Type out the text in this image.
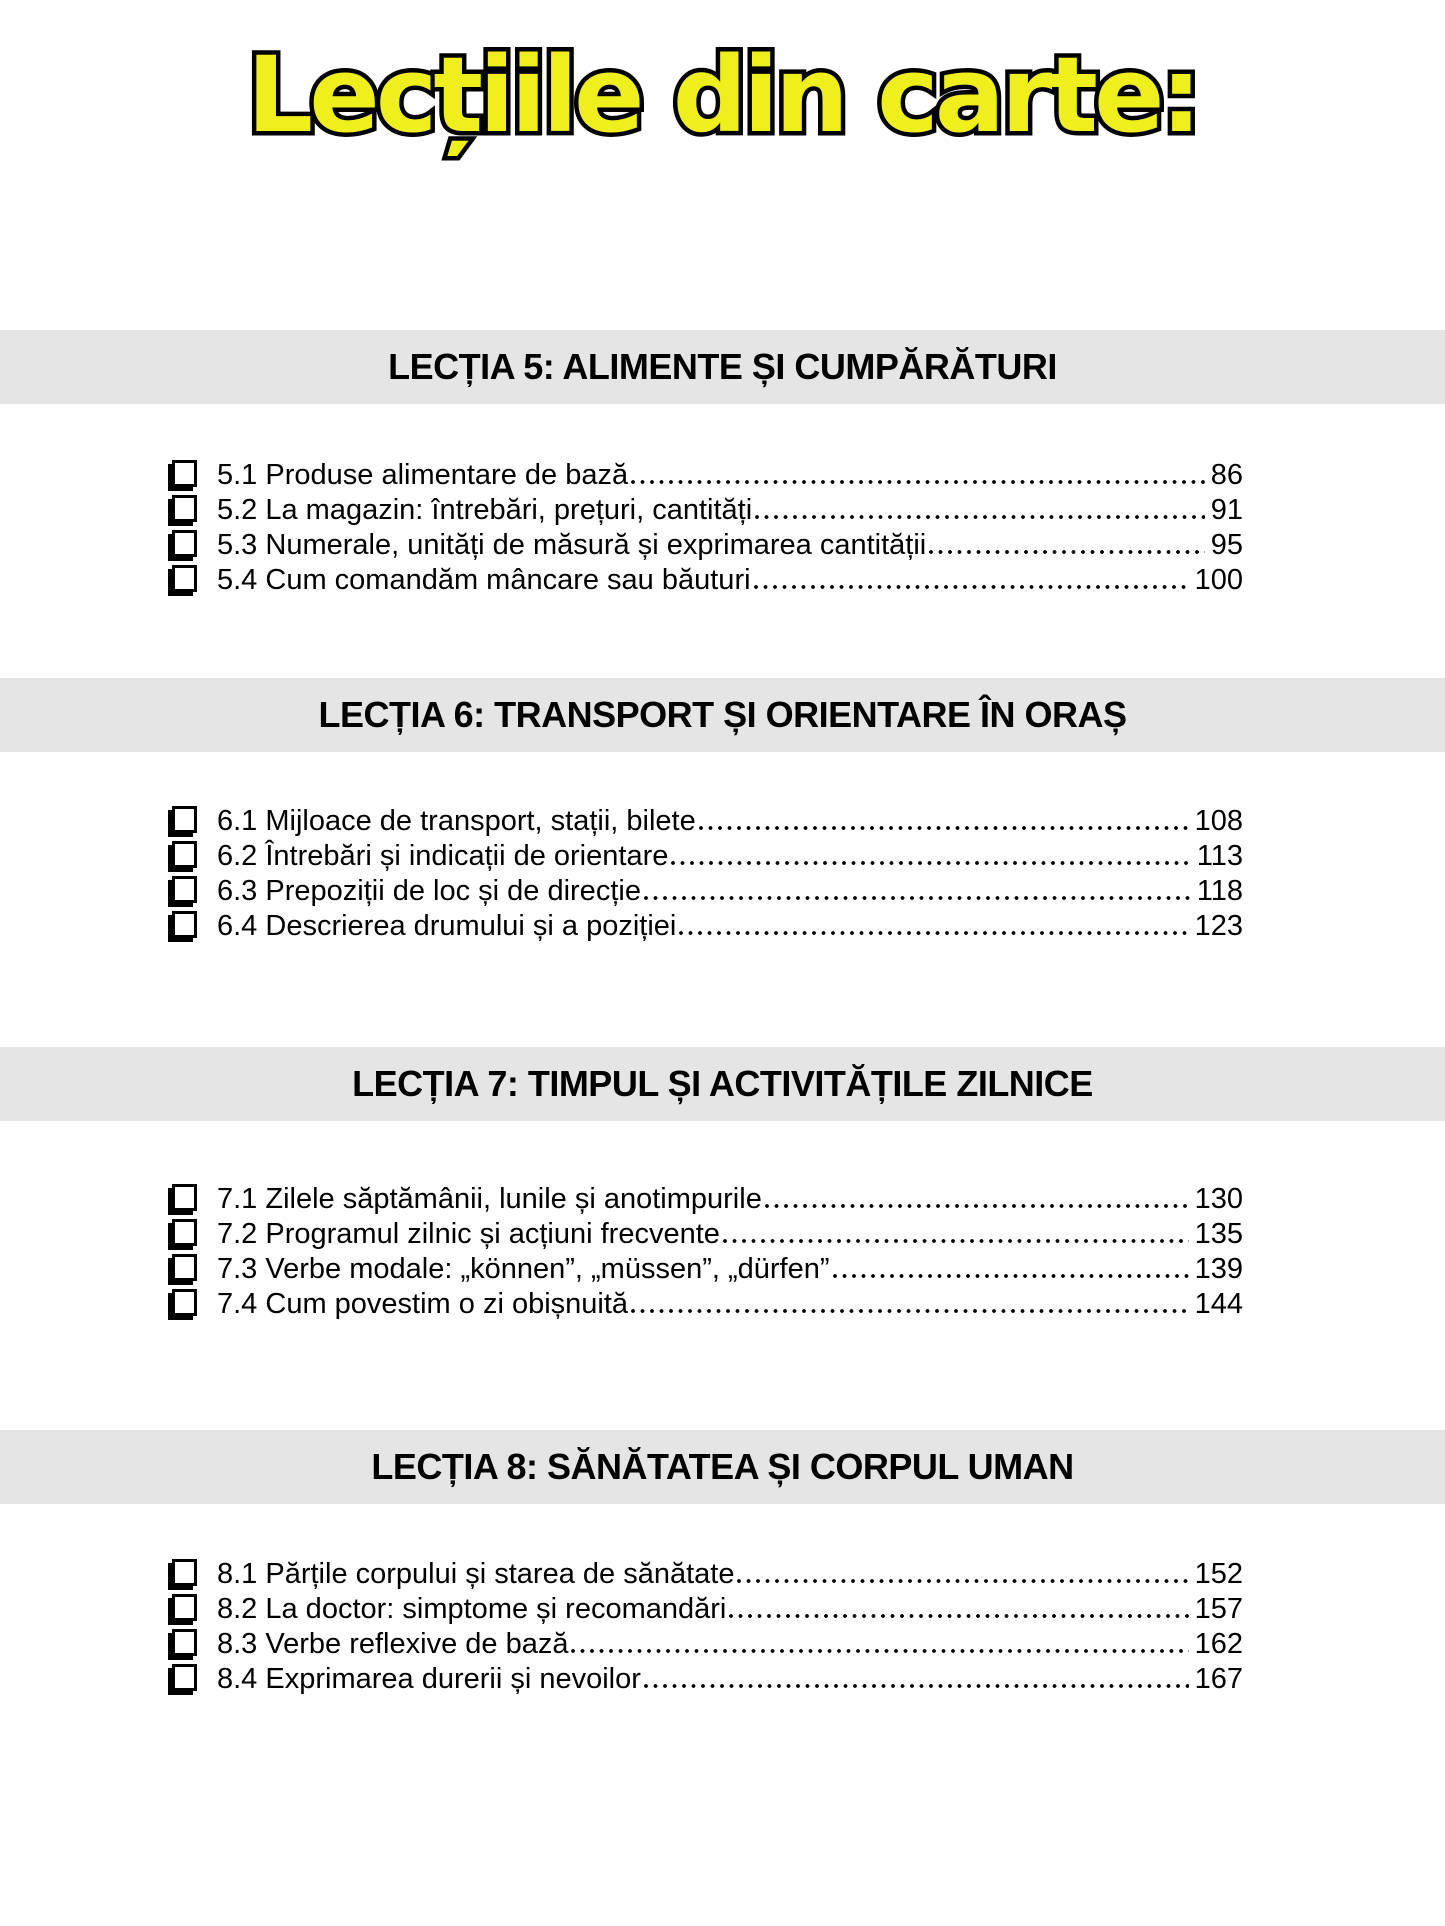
Lecțiile din carte:
LECȚIA 5: ALIMENTE ȘI CUMPĂRĂTURI
5.1 Produse alimentare de bază	86
5.2 La magazin: întrebări, prețuri, cantități	91
5.3 Numerale, unități de măsură și exprimarea cantității	95
5.4 Cum comandăm mâncare sau băuturi	100
LECȚIA 6: TRANSPORT ȘI ORIENTARE ÎN ORAȘ
6.1 Mijloace de transport, stații, bilete	108
6.2 Întrebări și indicații de orientare	113
6.3 Prepoziții de loc și de direcție	118
6.4 Descrierea drumului și a poziției	123
LECȚIA 7: TIMPUL ȘI ACTIVITĂȚILE ZILNICE
7.1 Zilele săptămânii, lunile și anotimpurile	130
7.2 Programul zilnic și acțiuni frecvente	135
7.3 Verbe modale: „können”, „müssen”, „dürfen”	139
7.4 Cum povestim o zi obișnuită	144
LECȚIA 8: SĂNĂTATEA ȘI CORPUL UMAN
8.1 Părțile corpului și starea de sănătate	152
8.2 La doctor: simptome și recomandări	157
8.3 Verbe reflexive de bază	162
8.4 Exprimarea durerii și nevoilor	167
